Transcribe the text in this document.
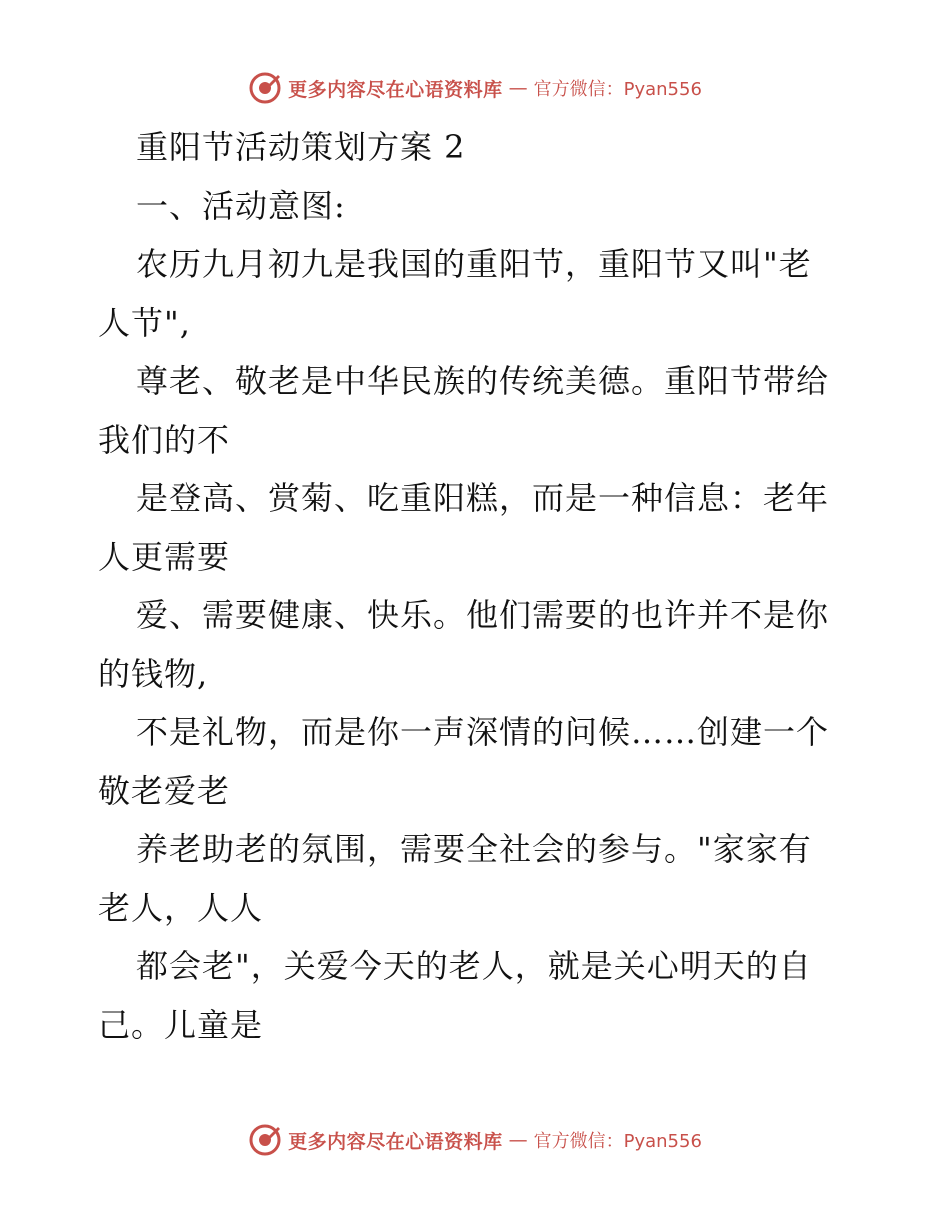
更多内容尽在心语资料库 — 官方微信：Pyan556
重阳节活动策划方案 2
一、活动意图:
农历九月初九是我国的重阳节，重阳节又叫"老
人节",
尊老、敬老是中华民族的传统美德。重阳节带给
我们的不
是登高、赏菊、吃重阳糕，而是一种信息：老年
人更需要
爱、需要健康、快乐。他们需要的也许并不是你
的钱物,
不是礼物，而是你一声深情的问候……创建一个
敬老爱老
养老助老的氛围，需要全社会的参与。"家家有
老人，人人
都会老"，关爱今天的老人，就是关心明天的自
己。儿童是
更多内容尽在心语资料库 — 官方微信：Pyan556
